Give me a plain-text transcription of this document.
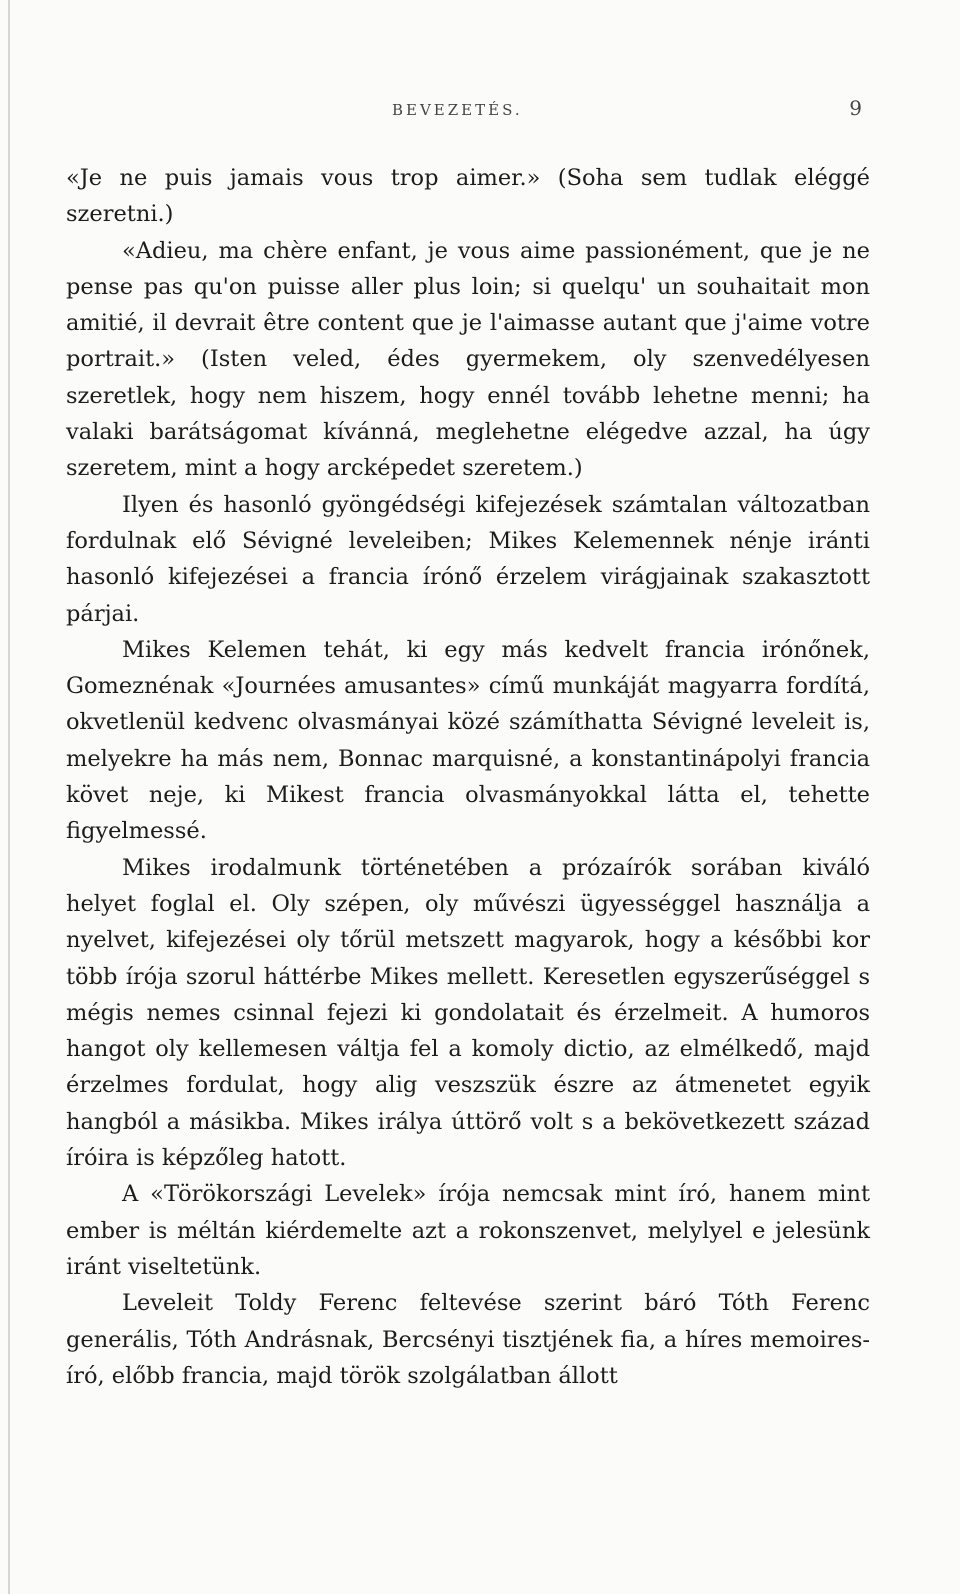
BEVEZETÉS.	9

«Je ne puis jamais vous trop aimer.» (Soha sem tudlak eléggé szeretni.)

«Adieu, ma chère enfant, je vous aime passionément, que je ne pense pas qu'on puisse aller plus loin; si quelqu' un souhaitait mon amitié, il devrait être content que je l'aimasse autant que j'aime votre portrait.» (Isten veled, édes gyermekem, oly szenvedélyesen szeretlek, hogy nem hiszem, hogy ennél tovább lehetne menni; ha valaki barátságomat kívánná, meglehetne elégedve azzal, ha úgy szeretem, mint a hogy arcképedet szeretem.)

Ilyen és hasonló gyöngédségi kifejezések számtalan változatban fordulnak elő Sévigné leveleiben; Mikes Kelemennek nénje iránti hasonló kifejezései a francia írónő érzelem virágjainak szakasztott párjai.

Mikes Kelemen tehát, ki egy más kedvelt francia irónőnek, Gomeznénak «Journées amusantes» című munkáját magyarra fordítá, okvetlenül kedvenc olvasmányai közé számíthatta Sévigné leveleit is, melyekre ha más nem, Bonnac marquisné, a konstantinápolyi francia követ neje, ki Mikest francia olvasmányokkal látta el, tehette figyelmessé.

Mikes irodalmunk történetében a prózaírók sorában kiváló helyet foglal el. Oly szépen, oly művészi ügyességgel használja a nyelvet, kifejezései oly tőrül metszett magyarok, hogy a későbbi kor több írója szorul háttérbe Mikes mellett. Keresetlen egyszerűséggel s mégis nemes csinnal fejezi ki gondolatait és érzelmeit. A humoros hangot oly kellemesen váltja fel a komoly dictio, az elmélkedő, majd érzelmes fordulat, hogy alig veszszük észre az átmenetet egyik hangból a másikba. Mikes irálya úttörő volt s a bekövetkezett század íróira is képzőleg hatott.

A «Törökországi Levelek» írója nemcsak mint író, hanem mint ember is méltán kiérdemelte azt a rokonszenvet, melylyel e jelesünk iránt viseltetünk.

Leveleit Toldy Ferenc feltevése szerint báró Tóth Ferenc generális, Tóth Andrásnak, Bercsényi tisztjének fia, a híres memoires-író, előbb francia, majd török szolgálatban állott
